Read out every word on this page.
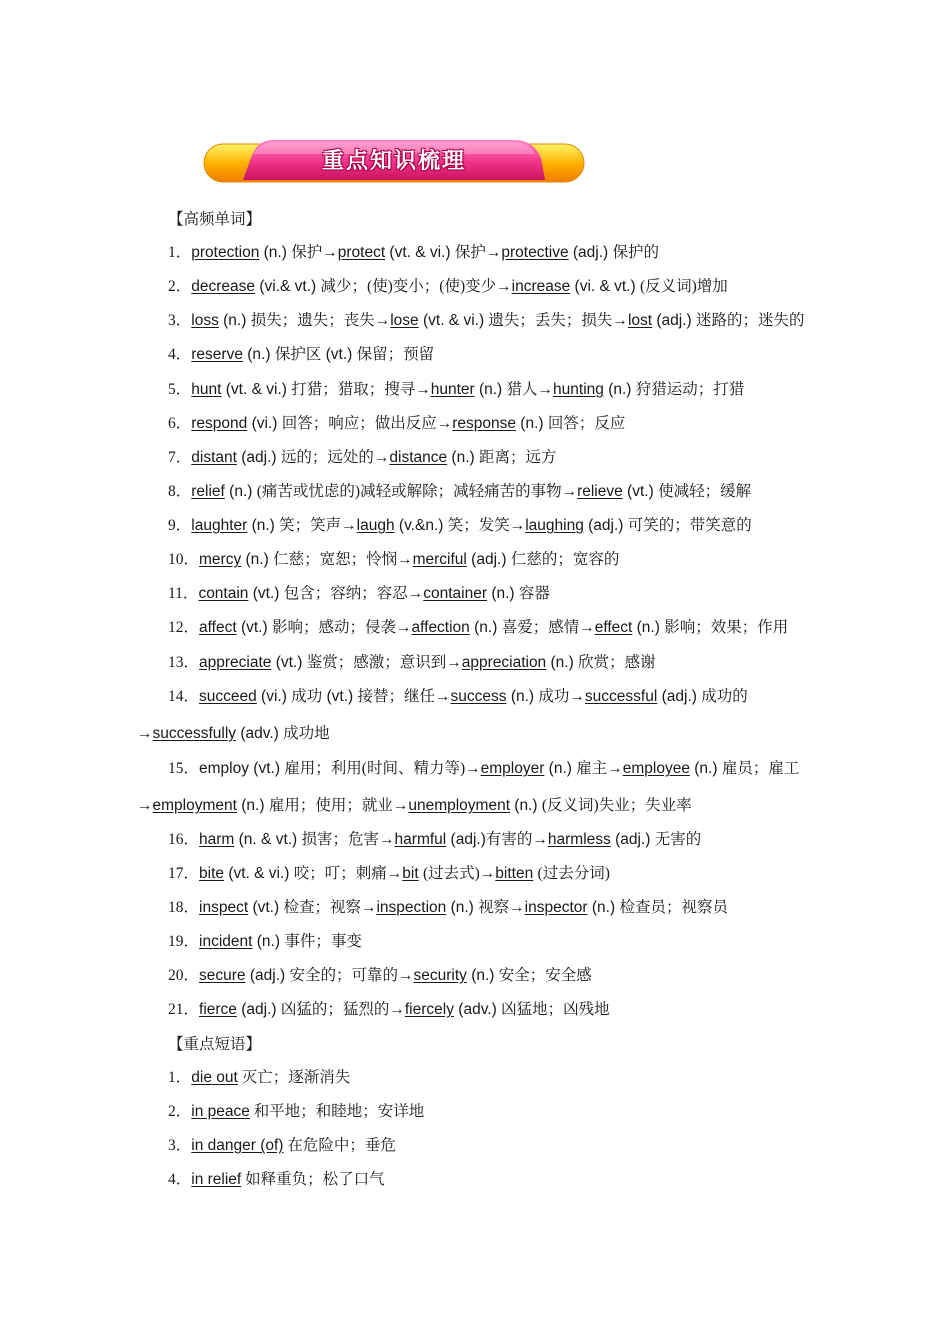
重点知识梳理
【高频单词】
1．protection (n.) 保护→protect (vt. & vi.) 保护→protective (adj.) 保护的
2．decrease (vi.& vt.) 减少；(使)变小；(使)变少→increase (vi. & vt.) (反义词)增加
3．loss (n.) 损失；遗失；丧失→lose (vt. & vi.) 遗失；丢失；损失→lost (adj.) 迷路的；迷失的
4．reserve (n.) 保护区 (vt.) 保留；预留
5．hunt (vt. & vi.) 打猎；猎取；搜寻→hunter (n.) 猎人→hunting (n.) 狩猎运动；打猎
6．respond (vi.) 回答；响应；做出反应→response (n.) 回答；反应
7．distant (adj.) 远的；远处的→distance (n.) 距离；远方
8．relief (n.) (痛苦或忧虑的)减轻或解除；减轻痛苦的事物→relieve (vt.) 使减轻；缓解
9．laughter (n.) 笑；笑声→laugh (v.&n.) 笑；发笑→laughing (adj.) 可笑的；带笑意的
10．mercy (n.) 仁慈；宽恕；怜悯→merciful (adj.) 仁慈的；宽容的
11．contain (vt.) 包含；容纳；容忍→container (n.) 容器
12．affect (vt.) 影响；感动；侵袭→affection (n.) 喜爱；感情→effect (n.) 影响；效果；作用
13．appreciate (vt.) 鉴赏；感激；意识到→appreciation (n.) 欣赏；感谢
14．succeed (vi.) 成功 (vt.) 接替；继任→success (n.) 成功→successful (adj.) 成功的
→successfully (adv.) 成功地
15．employ (vt.) 雇用；利用(时间、精力等)→employer (n.) 雇主→employee (n.) 雇员；雇工
→employment (n.) 雇用；使用；就业→unemployment (n.) (反义词)失业；失业率
16．harm (n. & vt.) 损害；危害→harmful (adj.)有害的→harmless (adj.) 无害的
17．bite (vt. & vi.) 咬；叮；刺痛→bit (过去式)→bitten (过去分词)
18．inspect (vt.) 检查；视察→inspection (n.) 视察→inspector (n.) 检查员；视察员
19．incident (n.) 事件；事变
20．secure (adj.) 安全的；可靠的→security (n.) 安全；安全感
21．fierce (adj.) 凶猛的；猛烈的→fiercely (adv.) 凶猛地；凶残地
【重点短语】
1．die out 灭亡；逐渐消失
2．in peace 和平地；和睦地；安详地
3．in danger (of) 在危险中；垂危
4．in relief 如释重负；松了口气
